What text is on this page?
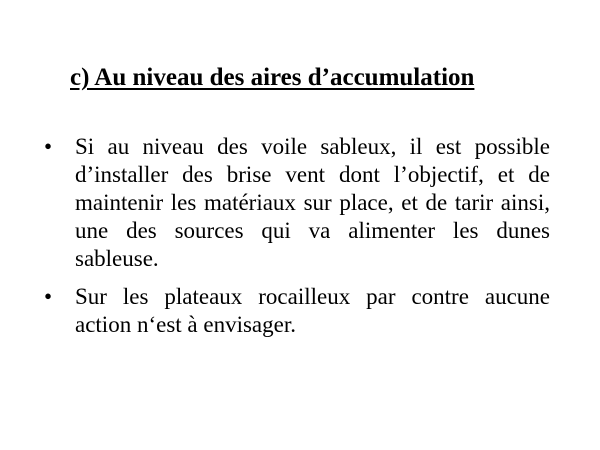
c) Au niveau des aires d’accumulation
• Si au niveau des voile sableux, il est possible d’installer des brise vent dont l’objectif, et de maintenir les matériaux sur place, et de tarir ainsi, une des sources qui va alimenter les dunes sableuse.
• Sur les plateaux rocailleux par contre aucune action n‘est à envisager.
